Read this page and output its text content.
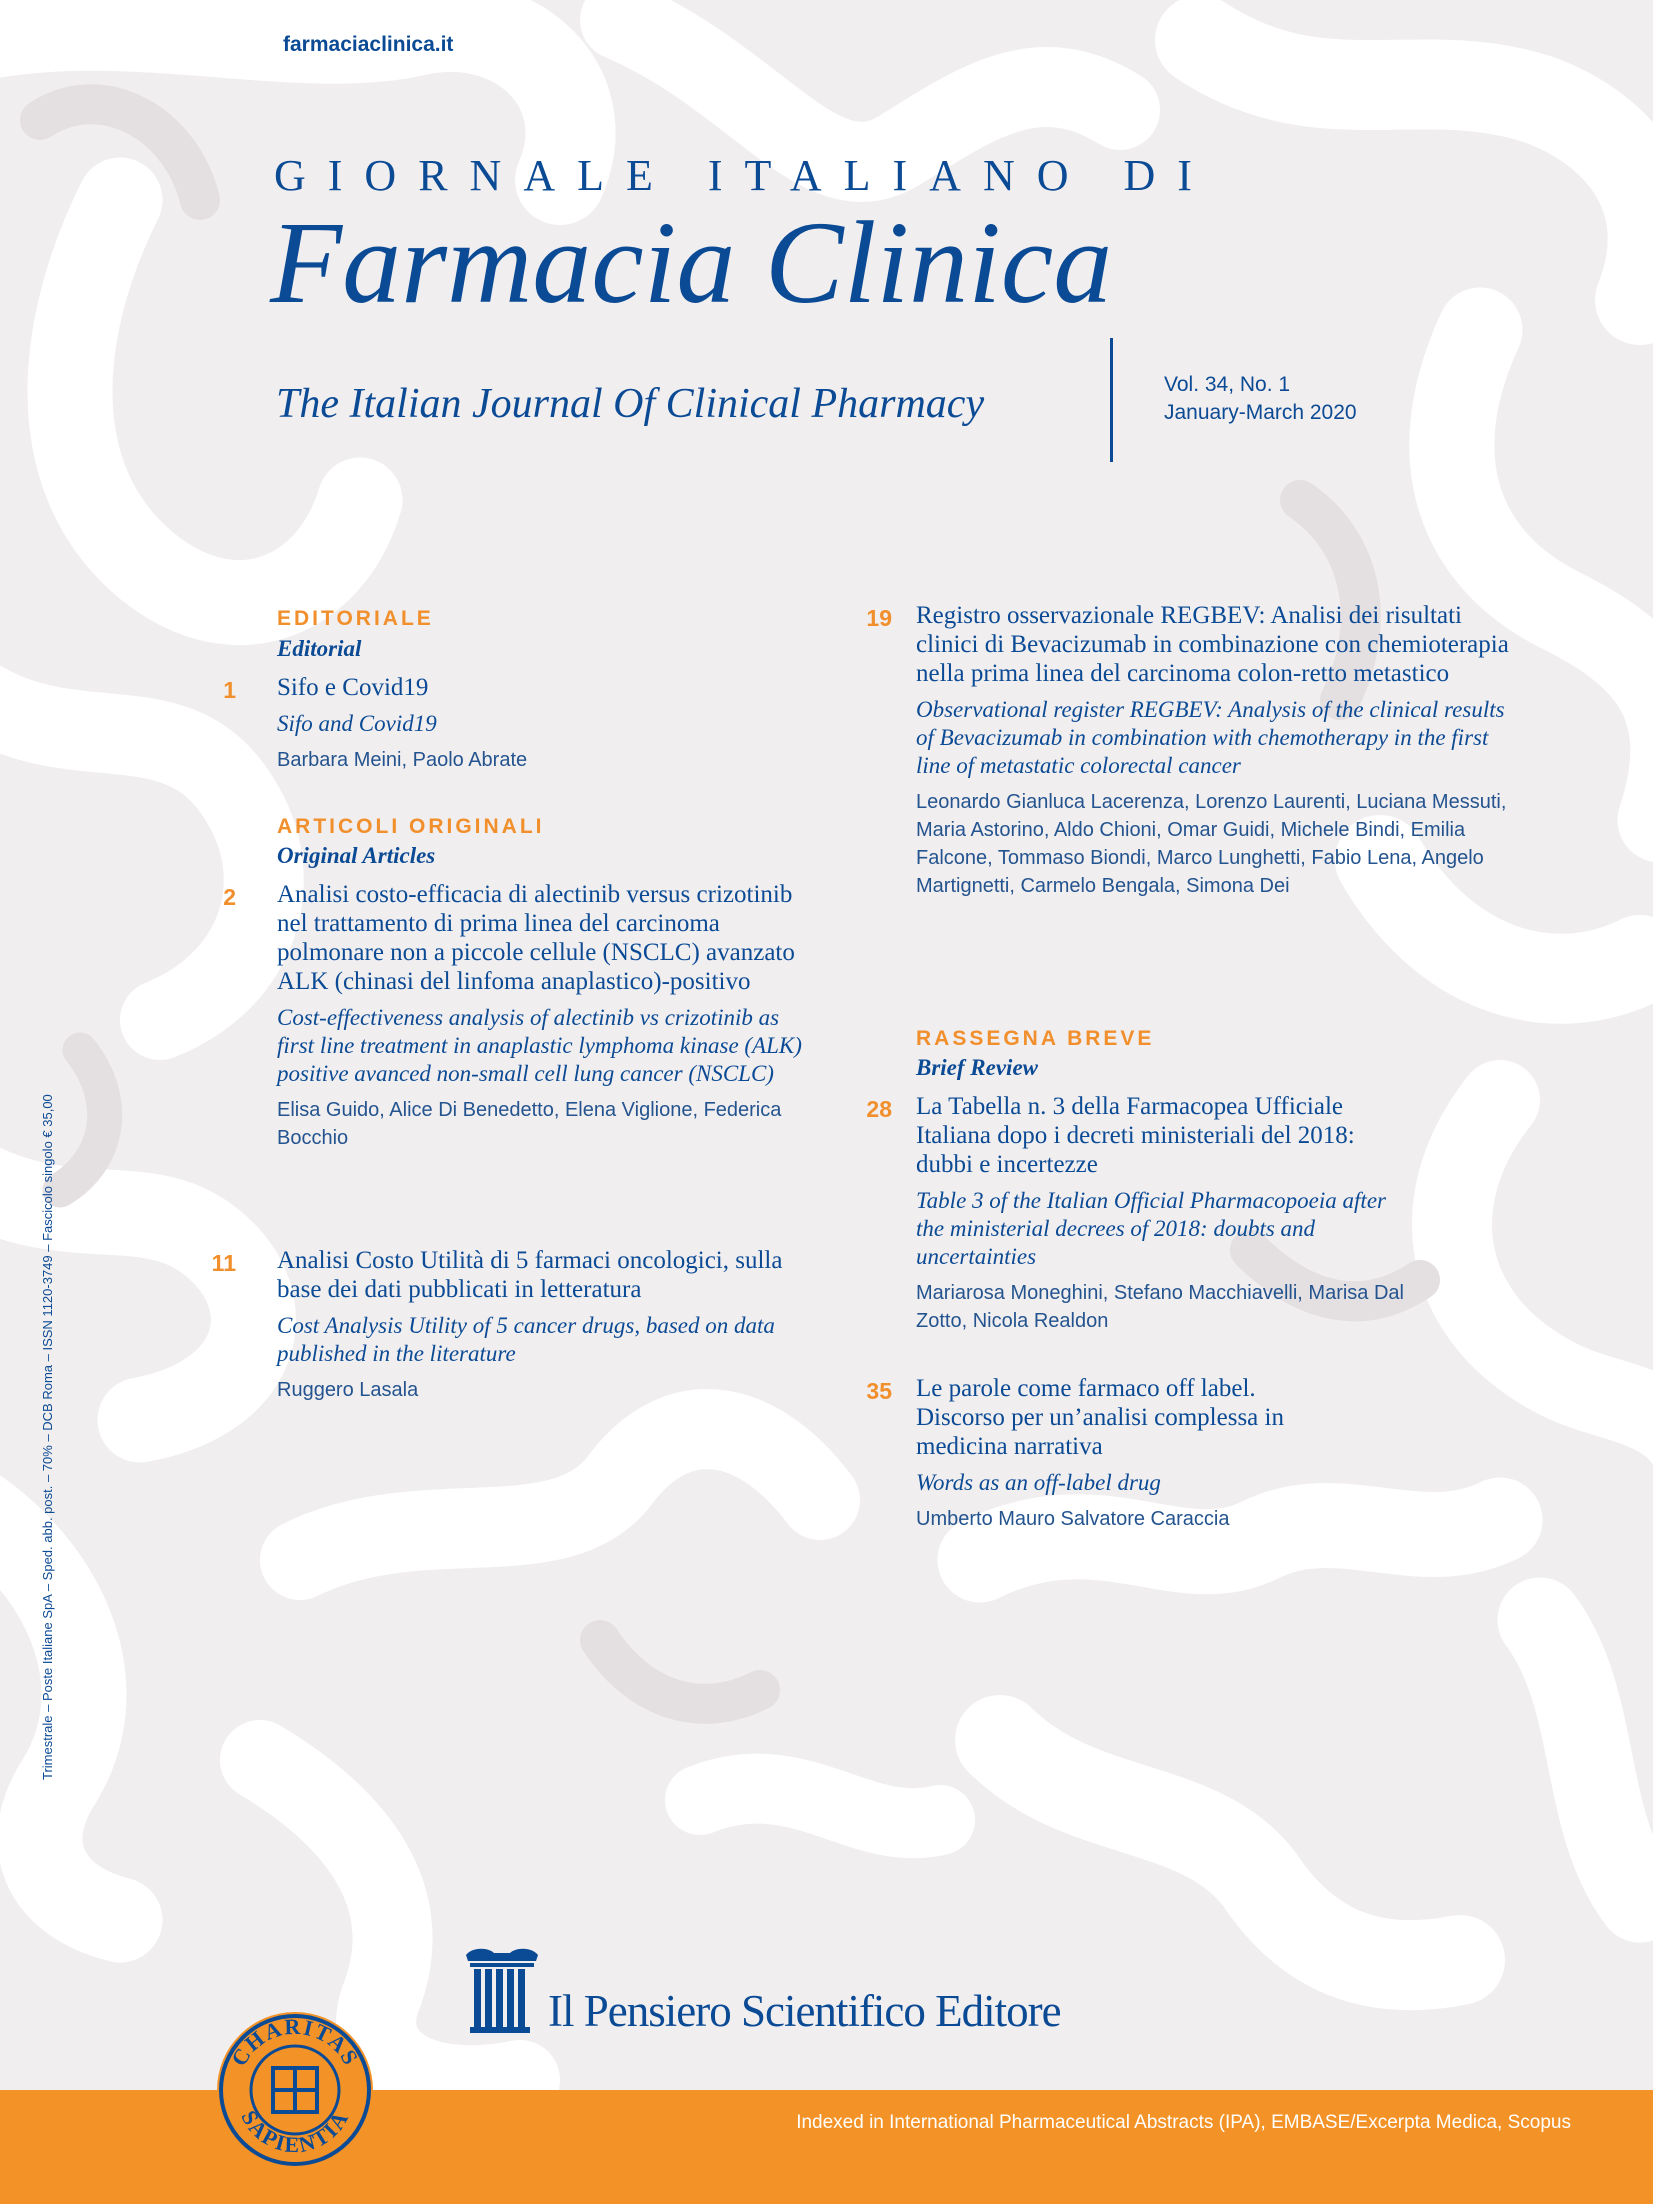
farmaciaclinica.it
GIORNALE ITALIANO DI
Farmacia Clinica
The Italian Journal Of Clinical Pharmacy	Vol. 34, No. 1
January-March 2020
EDITORIALE
Editorial
1 Sifo e Covid19
Sifo and Covid19
Barbara Meini, Paolo Abrate
ARTICOLI ORIGINALI
Original Articles
2 Analisi costo-efficacia di alectinib versus crizotinib nel trattamento di prima linea del carcinoma polmonare non a piccole cellule (NSCLC) avanzato ALK (chinasi del linfoma anaplastico)-positivo
Cost-effectiveness analysis of alectinib vs crizotinib as first line treatment in anaplastic lymphoma kinase (ALK) positive avanced non-small cell lung cancer (NSCLC)
Elisa Guido, Alice Di Benedetto, Elena Viglione, Federica Bocchio
11 Analisi Costo Utilità di 5 farmaci oncologici, sulla base dei dati pubblicati in letteratura
Cost Analysis Utility of 5 cancer drugs, based on data published in the literature
Ruggero Lasala
19 Registro osservazionale REGBEV: Analisi dei risultati clinici di Bevacizumab in combinazione con chemioterapia nella prima linea del carcinoma colon-retto metastico
Observational register REGBEV: Analysis of the clinical results of Bevacizumab in combination with chemotherapy in the first line of metastatic colorectal cancer
Leonardo Gianluca Lacerenza, Lorenzo Laurenti, Luciana Messuti, Maria Astorino, Aldo Chioni, Omar Guidi, Michele Bindi, Emilia Falcone, Tommaso Biondi, Marco Lunghetti, Fabio Lena, Angelo Martignetti, Carmelo Bengala, Simona Dei
RASSEGNA BREVE
Brief Review
28 La Tabella n. 3 della Farmacopea Ufficiale Italiana dopo i decreti ministeriali del 2018: dubbi e incertezze
Table 3 of the Italian Official Pharmacopoeia after the ministerial decrees of 2018: doubts and uncertainties
Mariarosa Moneghini, Stefano Macchiavelli, Marisa Dal Zotto, Nicola Realdon
35 Le parole come farmaco off label. Discorso per un’analisi complessa in medicina narrativa
Words as an off-label drug
Umberto Mauro Salvatore Caraccia
Trimestrale – Poste Italiane SpA – Sped. abb. post. – 70% – DCB Roma – ISSN 1120-3749 – Fascicolo singolo € 35,00
Il Pensiero Scientifico Editore
Indexed in International Pharmaceutical Abstracts (IPA), EMBASE/Excerpta Medica, Scopus
CHARITAS
SAPIENTIA
